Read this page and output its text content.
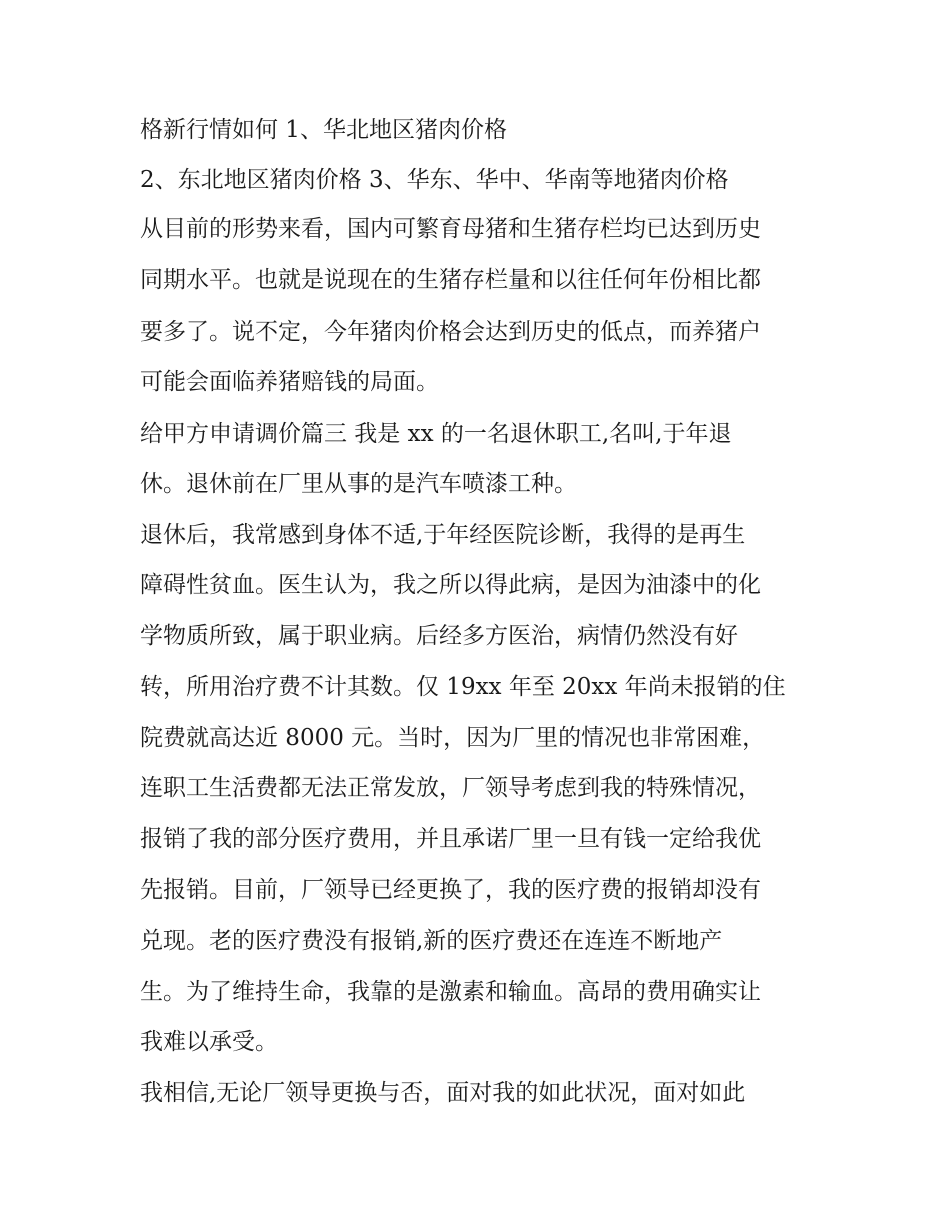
格新行情如何 1、华北地区猪肉价格

2、东北地区猪肉价格 3、华东、华中、华南等地猪肉价格

从目前的形势来看，国内可繁育母猪和生猪存栏均已达到历史

同期水平。也就是说现在的生猪存栏量和以往任何年份相比都

要多了。说不定，今年猪肉价格会达到历史的低点，而养猪户

可能会面临养猪赔钱的局面。

给甲方申请调价篇三 我是 xx 的一名退休职工,名叫,于年退

休。退休前在厂里从事的是汽车喷漆工种。

退休后，我常感到身体不适,于年经医院诊断，我得的是再生

障碍性贫血。医生认为，我之所以得此病，是因为油漆中的化

学物质所致，属于职业病。后经多方医治，病情仍然没有好

转，所用治疗费不计其数。仅 19xx 年至 20xx 年尚未报销的住

院费就高达近 8000 元。当时，因为厂里的情况也非常困难，

连职工生活费都无法正常发放，厂领导考虑到我的特殊情况，

报销了我的部分医疗费用，并且承诺厂里一旦有钱一定给我优

先报销。目前，厂领导已经更换了，我的医疗费的报销却没有

兑现。老的医疗费没有报销,新的医疗费还在连连不断地产

生。为了维持生命，我靠的是激素和输血。高昂的费用确实让

我难以承受。

我相信,无论厂领导更换与否，面对我的如此状况，面对如此
